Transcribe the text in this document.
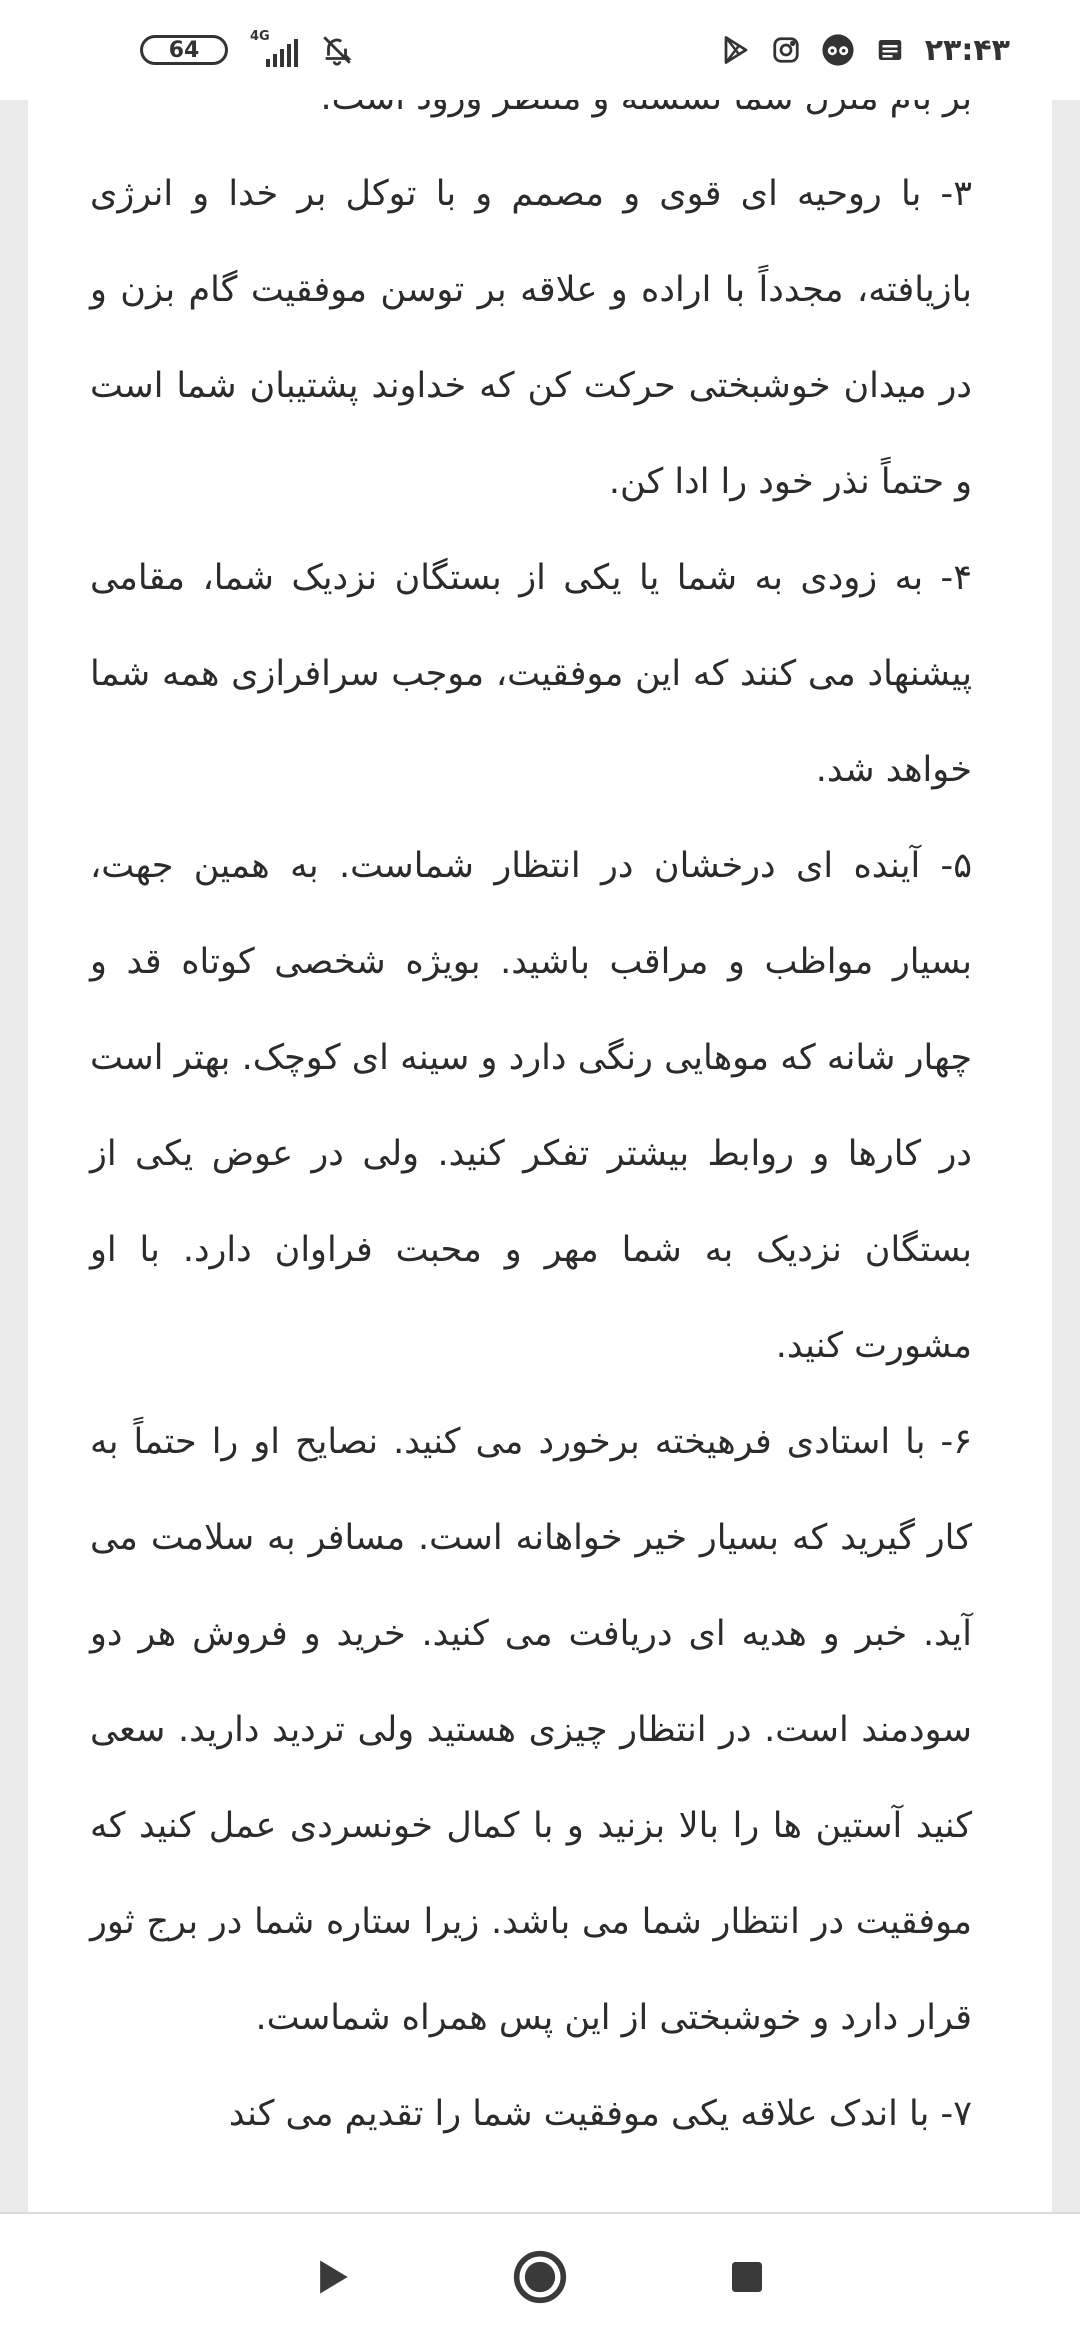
۳- با روحیه ای قوی و مصمم و با توکل بر خدا و انرژی بازیافته، مجدداً با اراده و علاقه بر توسن موفقیت گام بزن و در میدان خوشبختی حرکت کن که خداوند پشتیبان شما است و حتماً نذر خود را ادا کن.

۴- به زودی به شما یا یکی از بستگان نزدیک شما، مقامی پیشنهاد می کنند که این موفقیت، موجب سرافرازی همه شما خواهد شد.

۵- آینده ای درخشان در انتظار شماست. به همین جهت، بسیار مواظب و مراقب باشید. بویژه شخصی کوتاه قد و چهار شانه که موهایی رنگی دارد و سینه ای کوچک. بهتر است در کارها و روابط بیشتر تفکر کنید. ولی در عوض یکی از بستگان نزدیک به شما مهر و محبت فراوان دارد. با او مشورت کنید.

۶- با استادی فرهیخته برخورد می کنید. نصایح او را حتماً به کار گیرید که بسیار خیر خواهانه است. مسافر به سلامت می آید. خبر و هدیه ای دریافت می کنید. خرید و فروش هر دو سودمند است. در انتظار چیزی هستید ولی تردید دارید. سعی کنید آستین ها را بالا بزنید و با کمال خونسردی عمل کنید که موفقیت در انتظار شما می باشد. زیرا ستاره شما در برج ثور قرار دارد و خوشبختی از این پس همراه شماست.

۷- با اندک علاقه یکی موفقیت شما را تقدیم می کند

64
4G	۲۳:۴۳
